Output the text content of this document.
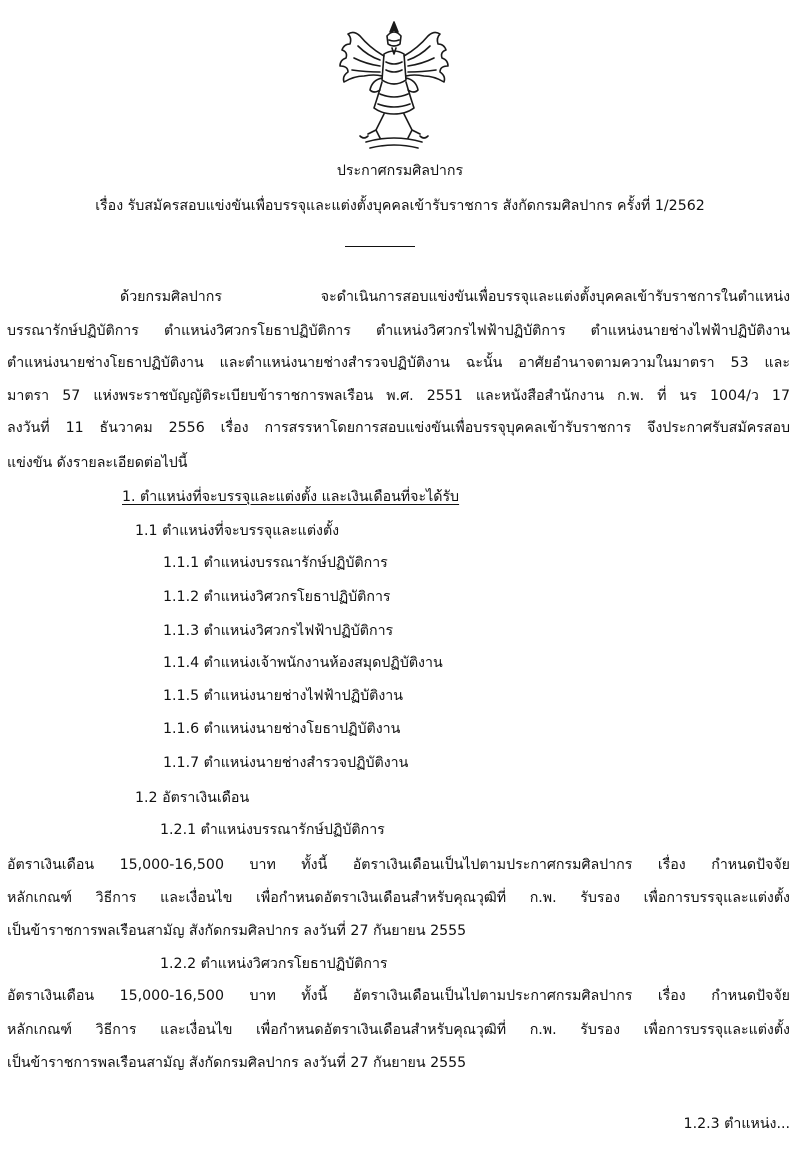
ประกาศกรมศิลปากร
เรื่อง รับสมัครสอบแข่งขันเพื่อบรรจุและแต่งตั้งบุคคลเข้ารับราชการ สังกัดกรมศิลปากร ครั้งที่ 1/2562
ด้วยกรมศิลปากร จะดำเนินการสอบแข่งขันเพื่อบรรจุและแต่งตั้งบุคคลเข้ารับราชการในตำแหน่ง
บรรณารักษ์ปฏิบัติการ ตำแหน่งวิศวกรโยธาปฏิบัติการ ตำแหน่งวิศวกรไฟฟ้าปฏิบัติการ ตำแหน่งนายช่างไฟฟ้าปฏิบัติงาน
ตำแหน่งนายช่างโยธาปฏิบัติงาน และตำแหน่งนายช่างสำรวจปฏิบัติงาน ฉะนั้น อาศัยอำนาจตามความในมาตรา 53 และ
มาตรา 57 แห่งพระราชบัญญัติระเบียบข้าราชการพลเรือน พ.ศ. 2551 และหนังสือสำนักงาน ก.พ. ที่ นร 1004/ว 17
ลงวันที่ 11 ธันวาคม 2556 เรื่อง การสรรหาโดยการสอบแข่งขันเพื่อบรรจุบุคคลเข้ารับราชการ จึงประกาศรับสมัครสอบ
แข่งขัน ดังรายละเอียดต่อไปนี้
1. ตำแหน่งที่จะบรรจุและแต่งตั้ง และเงินเดือนที่จะได้รับ
1.1 ตำแหน่งที่จะบรรจุและแต่งตั้ง
1.1.1 ตำแหน่งบรรณารักษ์ปฏิบัติการ
1.1.2 ตำแหน่งวิศวกรโยธาปฏิบัติการ
1.1.3 ตำแหน่งวิศวกรไฟฟ้าปฏิบัติการ
1.1.4 ตำแหน่งเจ้าพนักงานห้องสมุดปฏิบัติงาน
1.1.5 ตำแหน่งนายช่างไฟฟ้าปฏิบัติงาน
1.1.6 ตำแหน่งนายช่างโยธาปฏิบัติงาน
1.1.7 ตำแหน่งนายช่างสำรวจปฏิบัติงาน
1.2 อัตราเงินเดือน
1.2.1 ตำแหน่งบรรณารักษ์ปฏิบัติการ
อัตราเงินเดือน 15,000-16,500 บาท ทั้งนี้ อัตราเงินเดือนเป็นไปตามประกาศกรมศิลปากร เรื่อง กำหนดปัจจัย
หลักเกณฑ์ วิธีการ และเงื่อนไข เพื่อกำหนดอัตราเงินเดือนสำหรับคุณวุฒิที่ ก.พ. รับรอง เพื่อการบรรจุและแต่งตั้ง
เป็นข้าราชการพลเรือนสามัญ สังกัดกรมศิลปากร ลงวันที่ 27 กันยายน 2555
1.2.2 ตำแหน่งวิศวกรโยธาปฏิบัติการ
อัตราเงินเดือน 15,000-16,500 บาท ทั้งนี้ อัตราเงินเดือนเป็นไปตามประกาศกรมศิลปากร เรื่อง กำหนดปัจจัย
หลักเกณฑ์ วิธีการ และเงื่อนไข เพื่อกำหนดอัตราเงินเดือนสำหรับคุณวุฒิที่ ก.พ. รับรอง เพื่อการบรรจุและแต่งตั้ง
เป็นข้าราชการพลเรือนสามัญ สังกัดกรมศิลปากร ลงวันที่ 27 กันยายน 2555
1.2.3 ตำแหน่ง...
